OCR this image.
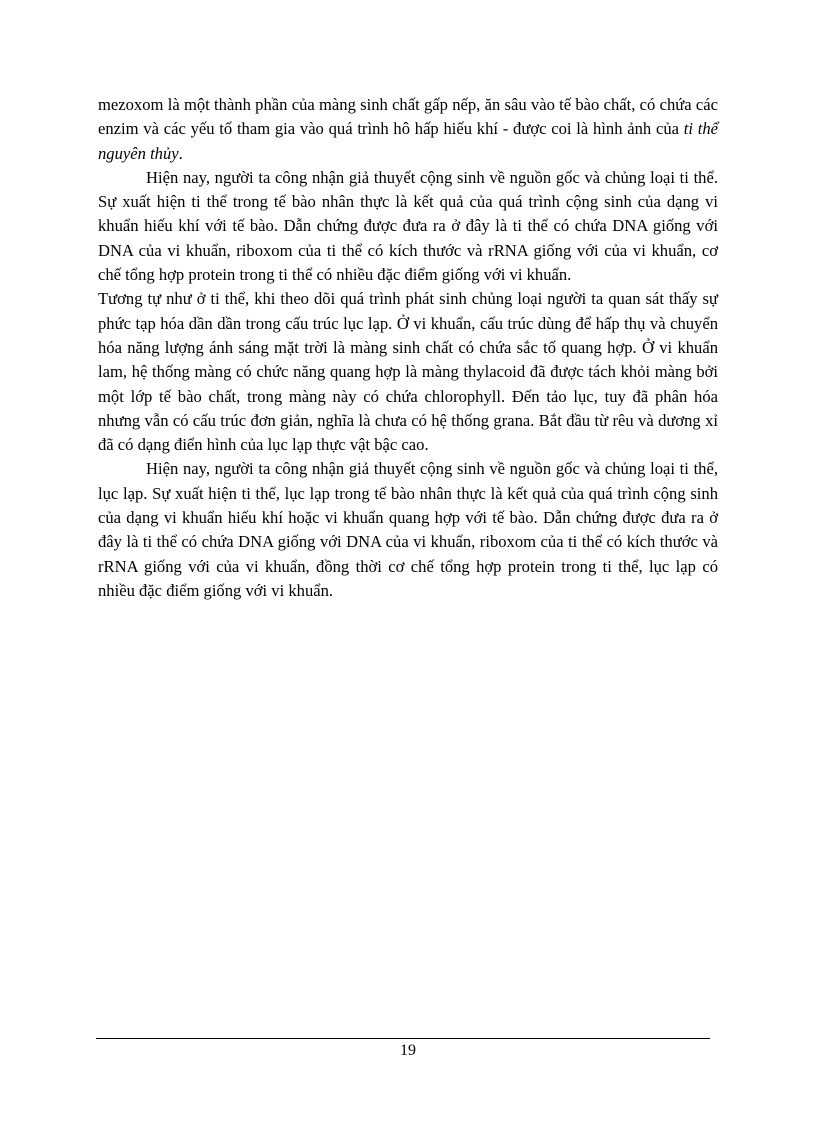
mezoxom là một thành phần của màng sinh chất gấp nếp, ăn sâu vào tế bào chất, có chứa các enzim và các yếu tố tham gia vào quá trình hô hấp hiếu khí - được coi là hình ảnh của ti thể nguyên thủy.

Hiện nay, người ta công nhận giả thuyết cộng sinh về nguồn gốc và chủng loại ti thể. Sự xuất hiện ti thể trong tế bào nhân thực là kết quả của quá trình cộng sinh của dạng vi khuẩn hiếu khí với tế bào. Dẫn chứng được đưa ra ở đây là ti thể có chứa DNA giống với DNA của vi khuẩn, riboxom của ti thể có kích thước và rRNA giống với của vi khuẩn, cơ chế tổng hợp protein trong ti thể có nhiều đặc điểm giống với vi khuẩn.

Tương tự như ở ti thể, khi theo dõi quá trình phát sinh chủng loại người ta quan sát thấy sự phức tạp hóa dần dần trong cấu trúc lục lạp. Ở vi khuẩn, cấu trúc dùng để hấp thụ và chuyển hóa năng lượng ánh sáng mặt trời là màng sinh chất có chứa sắc tố quang hợp. Ở vi khuẩn lam, hệ thống màng có chức năng quang hợp là màng thylacoid đã được tách khỏi màng bởi một lớp tế bào chất, trong màng này có chứa chlorophyll. Đến tảo lục, tuy đã phân hóa nhưng vẫn có cấu trúc đơn giản, nghĩa là chưa có hệ thống grana. Bắt đầu từ rêu và dương xỉ đã có dạng điển hình của lục lạp thực vật bậc cao.

Hiện nay, người ta công nhận giả thuyết cộng sinh về nguồn gốc và chủng loại ti thể, lục lạp. Sự xuất hiện ti thể, lục lạp trong tế bào nhân thực là kết quả của quá trình cộng sinh của dạng vi khuẩn hiếu khí hoặc vi khuẩn quang hợp với tế bào. Dẫn chứng được đưa ra ở đây là ti thể có chứa DNA giống với DNA của vi khuẩn, riboxom của ti thể có kích thước và rRNA giống với của vi khuẩn, đồng thời cơ chế tổng hợp protein trong ti thể, lục lạp có nhiều đặc điểm giống với vi khuẩn.

19
